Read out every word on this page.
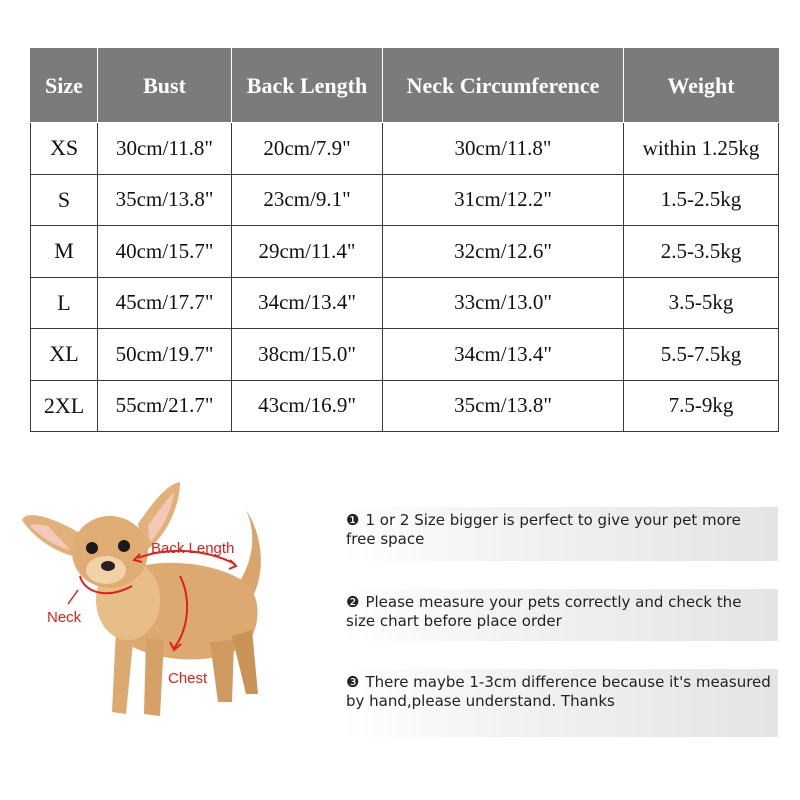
Size	Bust	Back Length	Neck Circumference	Weight
XS	30cm/11.8"	20cm/7.9"	30cm/11.8"	within 1.25kg
S	35cm/13.8"	23cm/9.1"	31cm/12.2"	1.5-2.5kg
M	40cm/15.7"	29cm/11.4"	32cm/12.6"	2.5-3.5kg
L	45cm/17.7"	34cm/13.4"	33cm/13.0"	3.5-5kg
XL	50cm/19.7"	38cm/15.0"	34cm/13.4"	5.5-7.5kg
2XL	55cm/21.7"	43cm/16.9"	35cm/13.8"	7.5-9kg
Back Length
Neck
Chest
❶ 1 or 2 Size bigger is perfect to give your pet more free space
❷ Please measure your pets correctly and check the size chart before place order
❸ There maybe 1-3cm difference because it's measured by hand,please understand. Thanks
